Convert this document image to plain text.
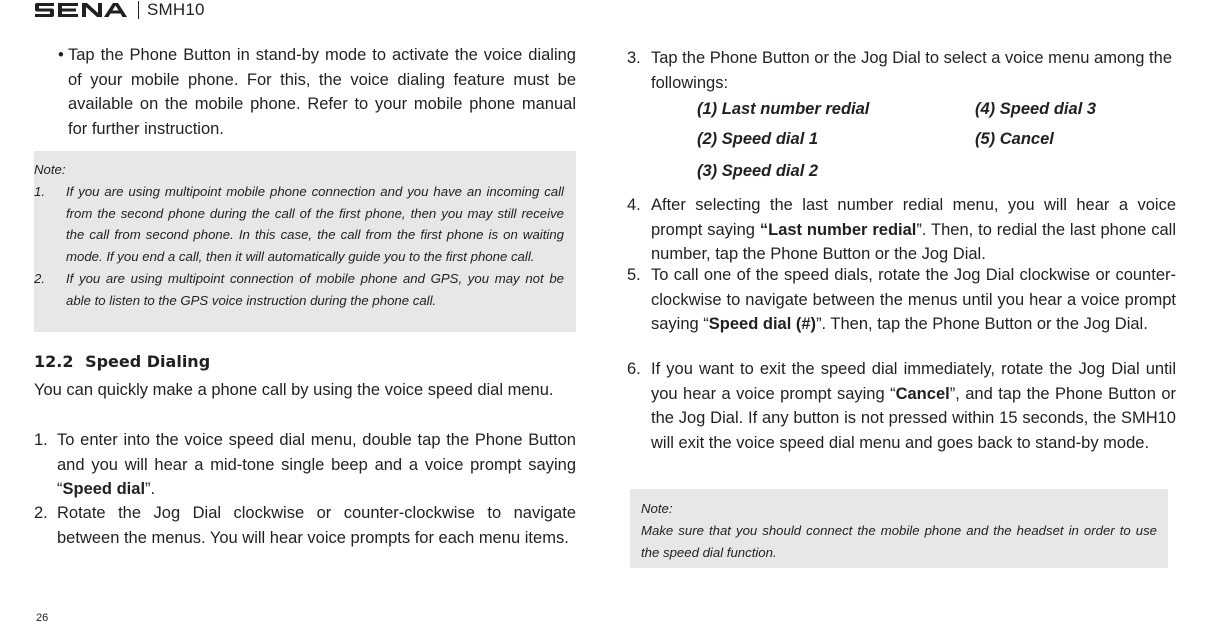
SMH10
• Tap the Phone Button in stand-by mode to activate the voice dialing of your mobile phone. For this, the voice dialing feature must be available on the mobile phone. Refer to your mobile phone manual for further instruction.
Note:
1.	If you are using multipoint mobile phone connection and you have an incoming call from the second phone during the call of the first phone, then you may still receive the call from second phone. In this case, the call from the first phone is on waiting mode. If you end a call, then it will automatically guide you to the first phone call.
2.	If you are using multipoint connection of mobile phone and GPS, you may not be able to listen to the GPS voice instruction during the phone call.
12.2 Speed Dialing
You can quickly make a phone call by using the voice speed dial menu.
1. To enter into the voice speed dial menu, double tap the Phone Button and you will hear a mid-tone single beep and a voice prompt saying “Speed dial”.
2. Rotate the Jog Dial clockwise or counter-clockwise to navigate between the menus. You will hear voice prompts for each menu items.
3. Tap the Phone Button or the Jog Dial to select a voice menu among the followings:
(1) Last number redial	(4) Speed dial 3
(2) Speed dial 1	(5) Cancel
(3) Speed dial 2
4. After selecting the last number redial menu, you will hear a voice prompt saying “Last number redial”. Then, to redial the last phone call number, tap the Phone Button or the Jog Dial.
5. To call one of the speed dials, rotate the Jog Dial clockwise or counter-clockwise to navigate between the menus until you hear a voice prompt saying “Speed dial (#)”. Then, tap the Phone Button or the Jog Dial.
6. If you want to exit the speed dial immediately, rotate the Jog Dial until you hear a voice prompt saying “Cancel”, and tap the Phone Button or the Jog Dial. If any button is not pressed within 15 seconds, the SMH10 will exit the voice speed dial menu and goes back to stand-by mode.
Note:
Make sure that you should connect the mobile phone and the headset in order to use the speed dial function.
26
